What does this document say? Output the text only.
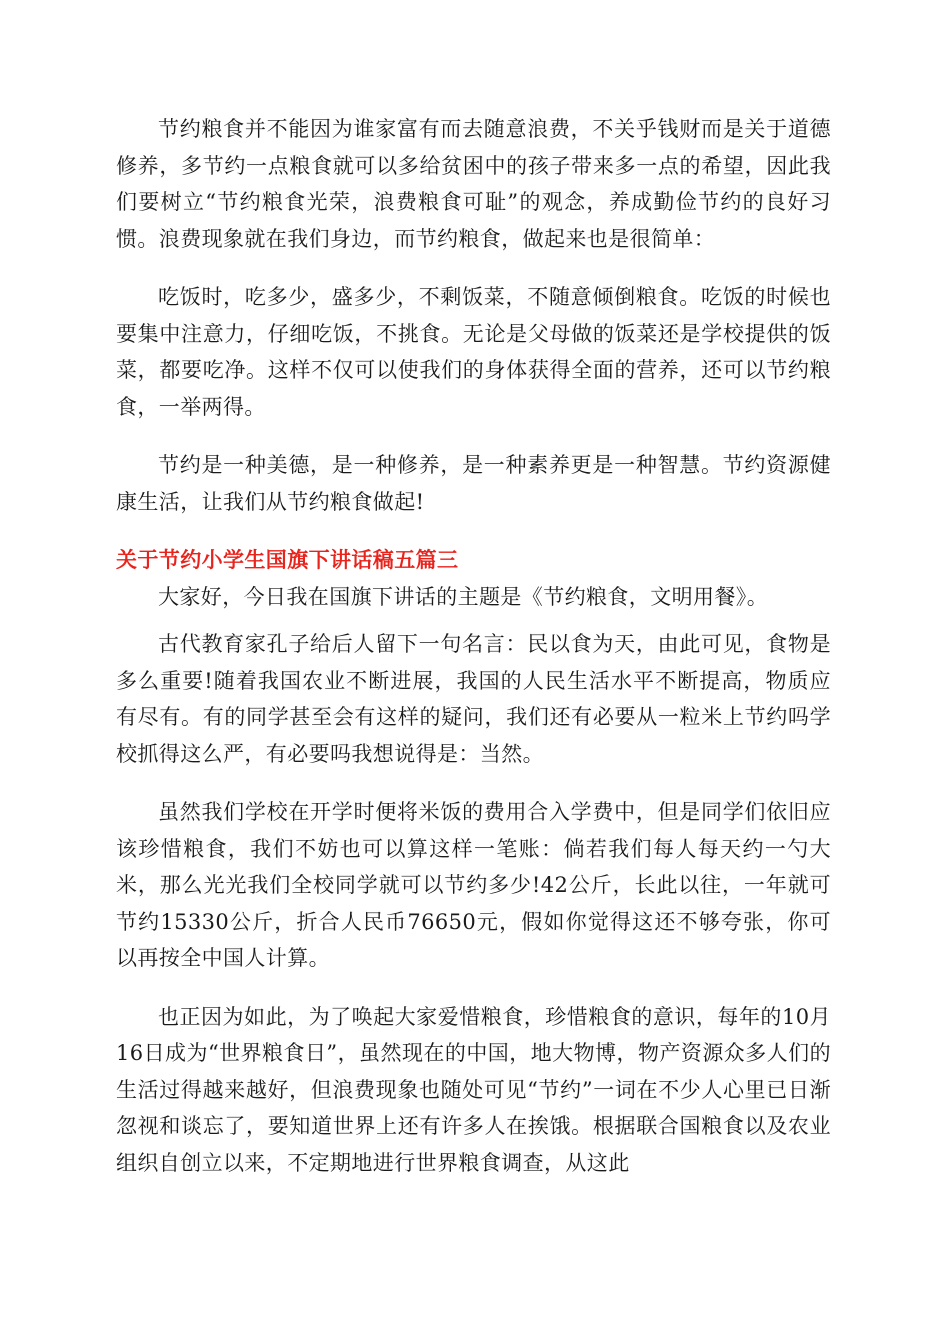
节约粮食并不能因为谁家富有而去随意浪费，不关乎钱财而是关于道德修养，多节约一点粮食就可以多给贫困中的孩子带来多一点的希望，因此我们要树立“节约粮食光荣，浪费粮食可耻”的观念，养成勤俭节约的良好习惯。浪费现象就在我们身边，而节约粮食，做起来也是很简单：

吃饭时，吃多少，盛多少，不剩饭菜，不随意倾倒粮食。吃饭的时候也要集中注意力，仔细吃饭，不挑食。无论是父母做的饭菜还是学校提供的饭菜，都要吃净。这样不仅可以使我们的身体获得全面的营养，还可以节约粮食，一举两得。

节约是一种美德，是一种修养，是一种素养更是一种智慧。节约资源健康生活，让我们从节约粮食做起!

关于节约小学生国旗下讲话稿五篇三

大家好，今日我在国旗下讲话的主题是《节约粮食，文明用餐》。

古代教育家孔子给后人留下一句名言：民以食为天，由此可见，食物是多么重要!随着我国农业不断进展，我国的人民生活水平不断提高，物质应有尽有。有的同学甚至会有这样的疑问，我们还有必要从一粒米上节约吗学校抓得这么严，有必要吗我想说得是：当然。

虽然我们学校在开学时便将米饭的费用合入学费中，但是同学们依旧应该珍惜粮食，我们不妨也可以算这样一笔账：倘若我们每人每天约一勺大米，那么光光我们全校同学就可以节约多少!42公斤，长此以往，一年就可节约15330公斤，折合人民币76650元，假如你觉得这还不够夸张，你可以再按全中国人计算。

也正因为如此，为了唤起大家爱惜粮食，珍惜粮食的意识，每年的10月16日成为“世界粮食日”，虽然现在的中国，地大物博，物产资源众多人们的生活过得越来越好，但浪费现象也随处可见“节约”一词在不少人心里已日渐忽视和谈忘了，要知道世界上还有许多人在挨饿。根据联合国粮食以及农业组织自创立以来，不定期地进行世界粮食调查，从这此
